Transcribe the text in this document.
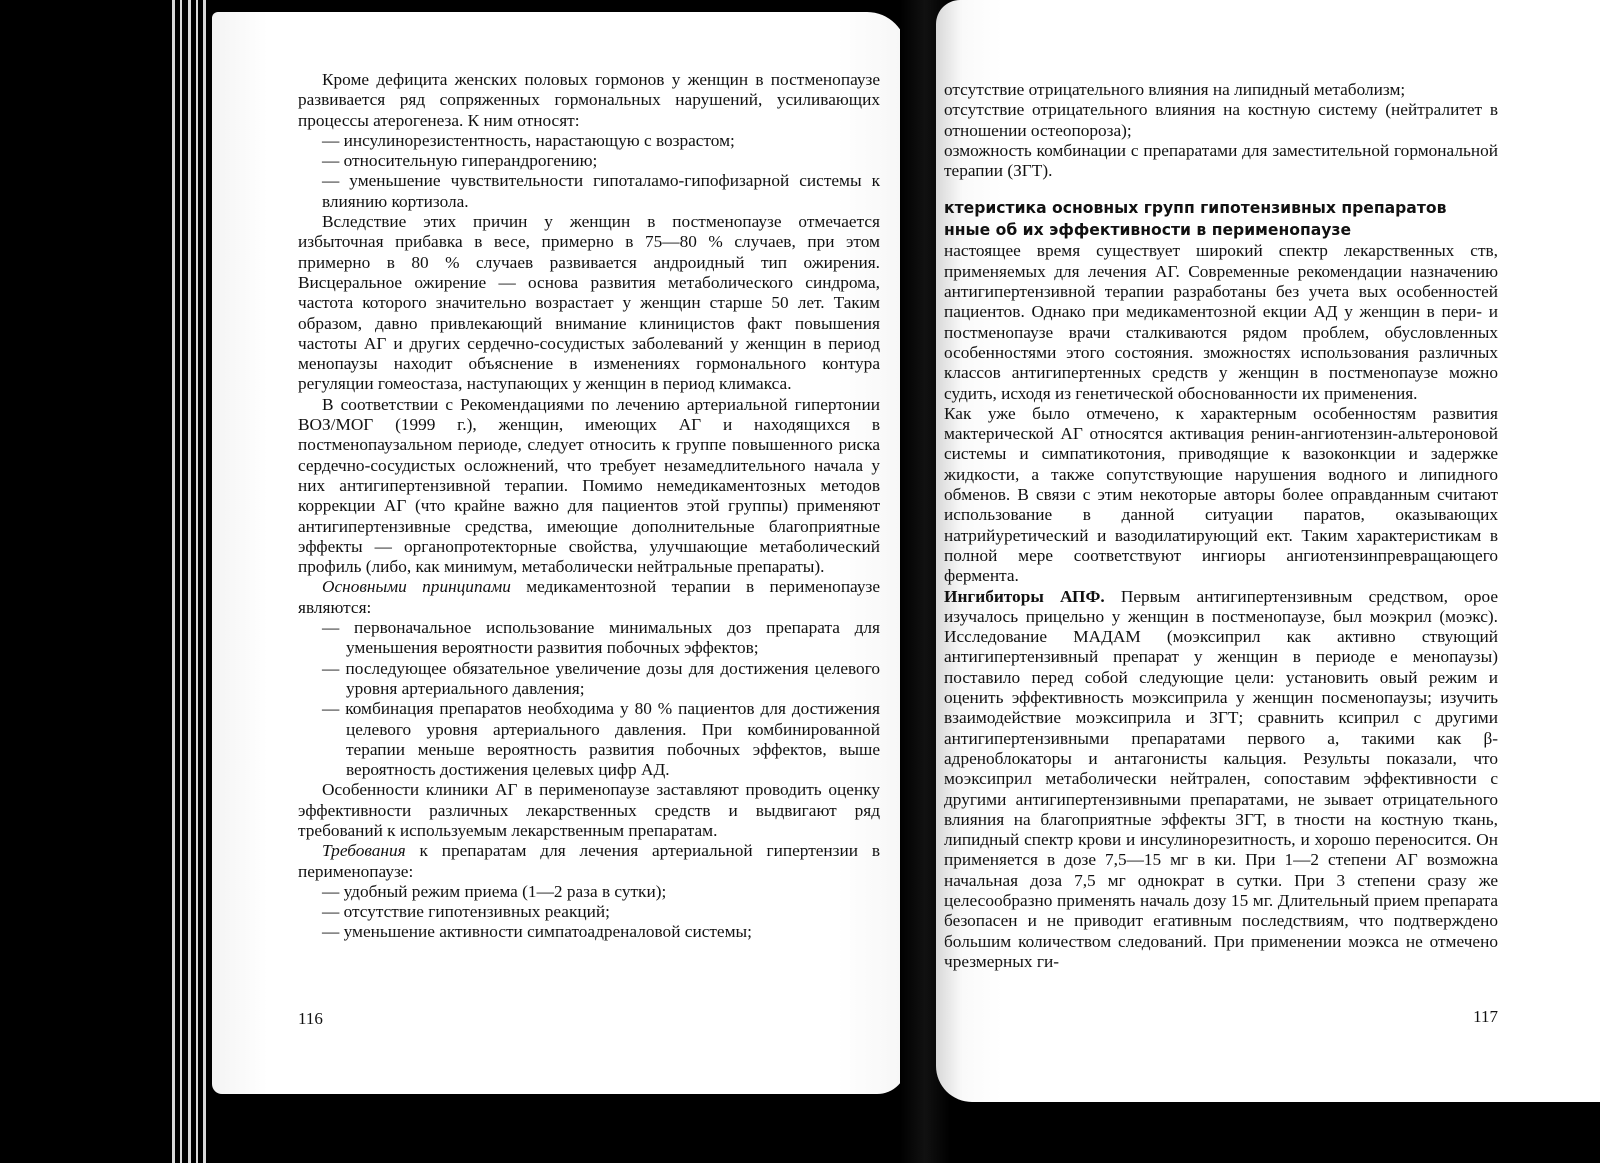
Кроме дефицита женских половых гормонов у женщин в постменопаузе развивается ряд сопряженных гормональных нарушений, усиливающих процессы атерогенеза. К ним относят:

— инсулинорезистентность, нарастающую с возрастом;
— относительную гиперандрогению;
— уменьшение чувствительности гипоталамо-гипофизарной системы к влиянию кортизола.

Вследствие этих причин у женщин в постменопаузе отмечается избыточная прибавка в весе, примерно в 75—80 % случаев, при этом примерно в 80 % случаев развивается андроидный тип ожирения. Висцеральное ожирение — основа развития метаболического синдрома, частота которого значительно возрастает у женщин старше 50 лет. Таким образом, давно привлекающий внимание клиницистов факт повышения частоты АГ и других сердечно-сосудистых заболеваний у женщин в период менопаузы находит объяснение в изменениях гормонального контура регуляции гомеостаза, наступающих у женщин в период климакса.

В соответствии с Рекомендациями по лечению артериальной гипертонии ВОЗ/МОГ (1999 г.), женщин, имеющих АГ и находящихся в постменопаузальном периоде, следует относить к группе повышенного риска сердечно-сосудистых осложнений, что требует незамедлительного начала у них антигипертензивной терапии. Помимо немедикаментозных методов коррекции АГ (что крайне важно для пациентов этой группы) применяют антигипертензивные средства, имеющие дополнительные благоприятные эффекты — органопротекторные свойства, улучшающие метаболический профиль (либо, как минимум, метаболически нейтральные препараты).

Основными принципами медикаментозной терапии в перименопаузе являются:

— первоначальное использование минимальных доз препарата для уменьшения вероятности развития побочных эффектов;
— последующее обязательное увеличение дозы для достижения целевого уровня артериального давления;
— комбинация препаратов необходима у 80 % пациентов для достижения целевого уровня артериального давления. При комбинированной терапии меньше вероятность развития побочных эффектов, выше вероятность достижения целевых цифр АД.

Особенности клиники АГ в перименопаузе заставляют проводить оценку эффективности различных лекарственных средств и выдвигают ряд требований к используемым лекарственным препаратам.

Требования к препаратам для лечения артериальной гипертензии в перименопаузе:

— удобный режим приема (1—2 раза в сутки);
— отсутствие гипотензивных реакций;
— уменьшение активности симпатоадреналовой системы;
116
отсутствие отрицательного влияния на липидный метаболизм;
отсутствие отрицательного влияния на костную систему (нейтралитет в отношении остеопороза);
озможность комбинации с препаратами для заместительной гормональной терапии (ЗГТ).
ктеристика основных групп гипотензивных препаратов
нные об их эффективности в перименопаузе

настоящее время существует широкий спектр лекарственных ств, применяемых для лечения АГ. Современные рекомендации назначению антигипертензивной терапии разработаны без учета вых особенностей пациентов. Однако при медикаментозной екции АД у женщин в пери- и постменопаузе врачи сталкиваются рядом проблем, обусловленных особенностями этого состояния. зможностях использования различных классов антигипертенных средств у женщин в постменопаузе можно судить, исходя из генетической обоснованности их применения.

Как уже было отмечено, к характерным особенностям развития мактерической АГ относятся активация ренин-ангиотензин-альтероновой системы и симпатикотония, приводящие к вазоконкции и задержке жидкости, а также сопутствующие нарушения водного и липидного обменов. В связи с этим некоторые авторы более оправданным считают использование в данной ситуации паратов, оказывающих натрийуретический и вазодилатирующий ект. Таким характеристикам в полной мере соответствуют ингиоры ангиотензинпревращающего фермента.

Ингибиторы АПФ. Первым антигипертензивным средством, орое изучалось прицельно у женщин в постменопаузе, был моэкрил (моэкс). Исследование МАДАМ (моэксиприл как активно ствующий антигипертензивный препарат у женщин в периоде е менопаузы) поставило перед собой следующие цели: установить овый режим и оценить эффективность моэксиприла у женщин посменопаузы; изучить взаимодействие моэксиприла и ЗГТ; сравнить ксиприл с другими антигипертензивными препаратами первого а, такими как β-адреноблокаторы и антагонисты кальция. Результы показали, что моэксиприл метаболически нейтрален, сопоставим эффективности с другими антигипертензивными препаратами, не зывает отрицательного влияния на благоприятные эффекты ЗГТ, в тности на костную ткань, липидный спектр крови и инсулинорезитность, и хорошо переносится. Он применяется в дозе 7,5—15 мг в ки. При 1—2 степени АГ возможна начальная доза 7,5 мг однократ в сутки. При 3 степени сразу же целесообразно применять началь дозу 15 мг. Длительный прием препарата безопасен и не приводит егативным последствиям, что подтверждено большим количеством следований. При применении моэкса не отмечено чрезмерных ги-

117
